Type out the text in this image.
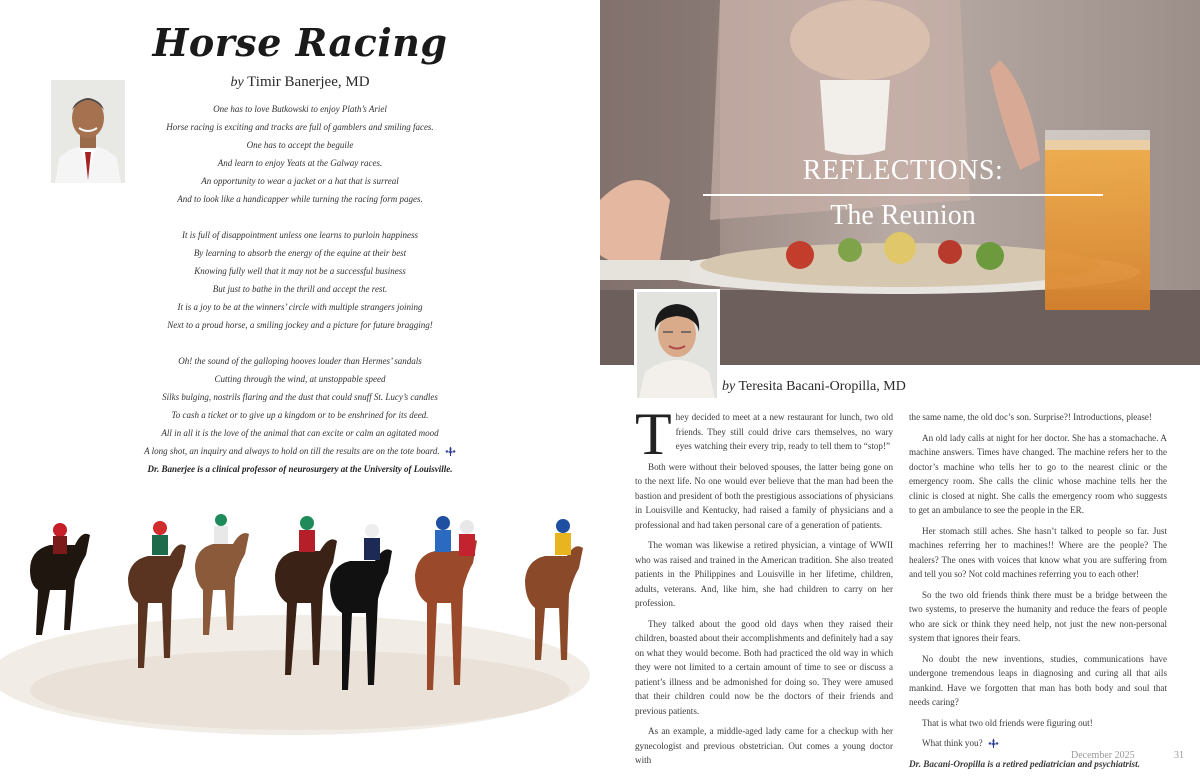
Horse Racing
by Timir Banerjee, MD
One has to love Butkowski to enjoy Plath’s Ariel
Horse racing is exciting and tracks are full of gamblers and smiling faces.
One has to accept the beguile
And learn to enjoy Yeats at the Galway races.
An opportunity to wear a jacket or a hat that is surreal
And to look like a handicapper while turning the racing form pages.
It is full of disappointment unless one learns to purloin happiness
By learning to absorb the energy of the equine at their best
Knowing fully well that it may not be a successful business
But just to bathe in the thrill and accept the rest.
It is a joy to be at the winners’ circle with multiple strangers joining
Next to a proud horse, a smiling jockey and a picture for future bragging!
Oh! the sound of the galloping hooves louder than Hermes’ sandals
Cutting through the wind, at unstoppable speed
Silks bulging, nostrils flaring and the dust that could snuff St. Lucy’s candles
To cash a ticket or to give up a kingdom or to be enshrined for its deed.
All in all it is the love of the animal that can excite or calm an agitated mood
A long shot, an inquiry and always to hold on till the results are on the tote board.
Dr. Banerjee is a clinical professor of neurosurgery at the University of Louisville.
REFLECTIONS:
The Reunion
by Teresita Bacani-Oropilla, MD

They decided to meet at a new restaurant for lunch, two old friends. They still could drive cars themselves, no wary eyes watching their every trip, ready to tell them to “stop!”

Both were without their beloved spouses, the latter being gone on to the next life. No one would ever believe that the man had been the bastion and president of both the prestigious associations of physicians in Louisville and Kentucky, had raised a family of physicians and a professional and had taken personal care of a generation of patients.

The woman was likewise a retired physician, a vintage of WWII who was raised and trained in the American tradition. She also treated patients in the Philippines and Louisville in her lifetime, children, adults, veterans. And, like him, she had children to carry on her profession.

They talked about the good old days when they raised their children, boasted about their accomplishments and definitely had a say on what they would become. Both had practiced the old way in which they were not limited to a certain amount of time to see or discuss a patient’s illness and be admonished for doing so. They were amused that their children could now be the doctors of their friends and previous patients.

As an example, a middle-aged lady came for a checkup with her gynecologist and previous obstetrician. Out comes a young doctor with

the same name, the old doc’s son. Surprise?! Introductions, please!

An old lady calls at night for her doctor. She has a stomachache. A machine answers. Times have changed. The machine refers her to the doctor’s machine who tells her to go to the nearest clinic or the emergency room. She calls the clinic whose machine tells her the clinic is closed at night. She calls the emergency room who suggests to get an ambulance to see the people in the ER.

Her stomach still aches. She hasn’t talked to people so far. Just machines referring her to machines!! Where are the people? The healers? The ones with voices that know what you are suffering from and tell you so? Not cold machines referring you to each other!

So the two old friends think there must be a bridge between the two systems, to preserve the humanity and reduce the fears of people who are sick or think they need help, not just the new non-personal system that ignores their fears.

No doubt the new inventions, studies, communications have undergone tremendous leaps in diagnosing and curing all that ails mankind. Have we forgotten that man has both body and soul that needs caring?

That is what two old friends were figuring out!

What think you?

Dr. Bacani-Oropilla is a retired pediatrician and psychiatrist.
December 2025	31
